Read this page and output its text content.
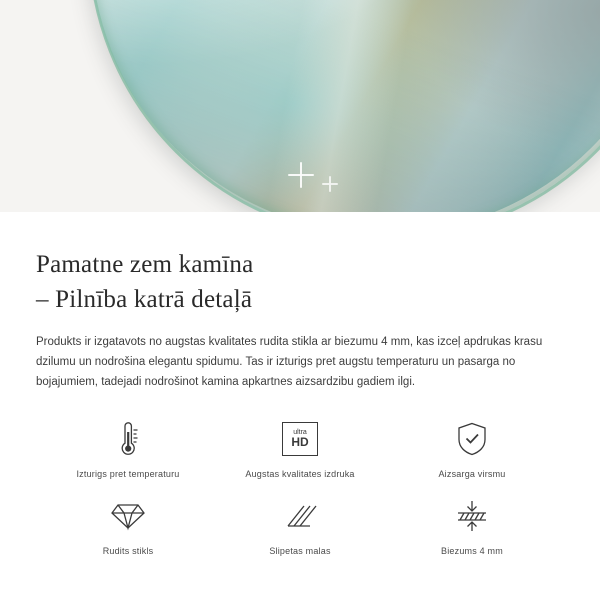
Pamatne zem kamīna
– Pilnība katrā detaļā

Produkts ir izgatavots no augstas kvalitates rudita stikla ar biezumu 4 mm, kas izceļ apdrukas krasu dzilumu un nodrošina elegantu spidumu. Tas ir izturigs pret augstu temperaturu un pasarga no bojajumiem, tadejadi nodrošinot kamina apkartnes aizsardzibu gadiem ilgi.

Izturigs pret temperaturu
ultra
HD
Augstas kvalitates izdruka	Aizsarga virsmu
Rudits stikls	Slipetas malas	Biezums 4 mm
